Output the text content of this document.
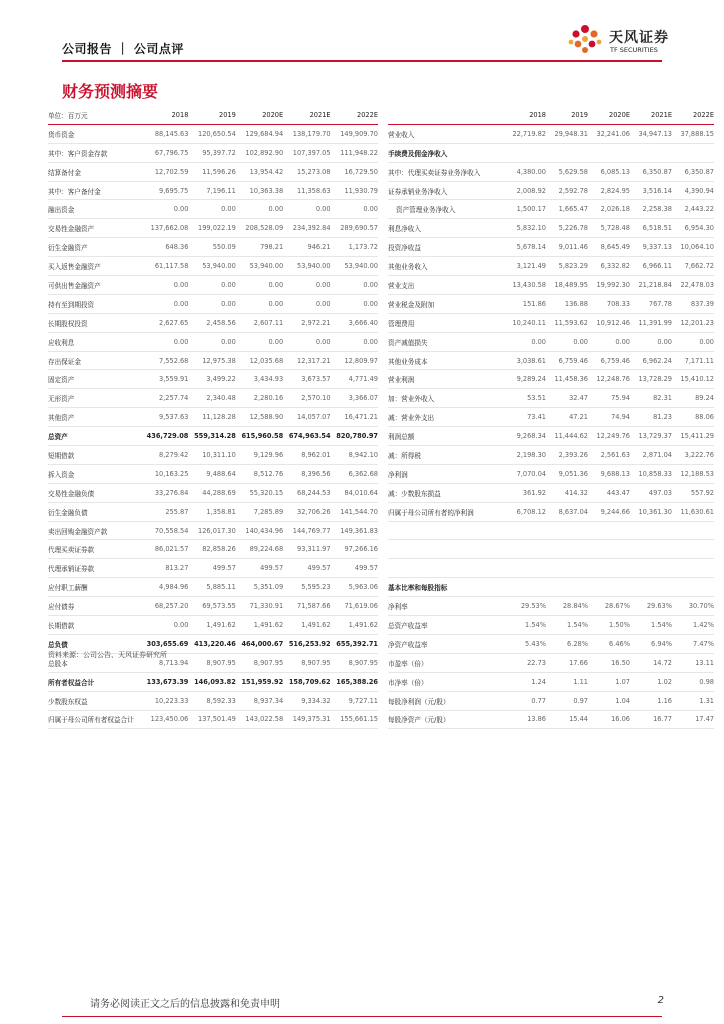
公司报告 ｜ 公司点评
天风证券
TF SECURITIES
财务预测摘要
单位：百万元	2018	2019	2020E	2021E	2022E
货币资金	88,145.63	120,650.54	129,684.94	138,179.70	149,909.70
其中：客户资金存款	67,796.75	95,397.72	102,892.90	107,397.05	111,948.22
结算备付金	12,702.59	11,596.26	13,954.42	15,273.08	16,729.50
其中：客户备付金	9,695.75	7,196.11	10,363.38	11,358.63	11,930.79
融出资金	0.00	0.00	0.00	0.00	0.00
交易性金融资产	137,662.08	199,022.19	208,528.09	234,392.84	289,690.57
衍生金融资产	648.36	550.09	798.21	946.21	1,173.72
买入返售金融资产	61,117.58	53,940.00	53,940.00	53,940.00	53,940.00
可供出售金融资产	0.00	0.00	0.00	0.00	0.00
持有至到期投资	0.00	0.00	0.00	0.00	0.00
长期股权投资	2,627.65	2,458.56	2,607.11	2,972.21	3,666.40
应收利息	0.00	0.00	0.00	0.00	0.00
存出保证金	7,552.68	12,975.38	12,035.68	12,317.21	12,809.97
固定资产	3,559.91	3,499.22	3,434.93	3,673.57	4,771.49
无形资产	2,257.74	2,340.48	2,280.16	2,570.10	3,366.07
其他资产	9,537.63	11,128.28	12,588.90	14,057.07	16,471.21
总资产	436,729.08	559,314.28	615,960.58	674,963.54	820,780.97
短期借款	8,279.42	10,311.10	9,129.96	8,962.01	8,942.10
拆入资金	10,163.25	9,488.64	8,512.76	8,396.56	6,362.68
交易性金融负债	33,276.84	44,288.69	55,320.15	68,244.53	84,010.64
衍生金融负债	255.87	1,358.81	7,285.89	32,706.26	141,544.70
卖出回购金融资产款	70,558.54	126,017.30	140,434.96	144,769.77	149,361.83
代理买卖证券款	86,021.57	82,858.26	89,224.68	93,311.97	97,266.16
代理承销证券款	813.27	499.57	499.57	499.57	499.57
应付职工薪酬	4,984.96	5,885.11	5,351.09	5,595.23	5,963.06
应付债券	68,257.20	69,573.55	71,330.91	71,587.66	71,619.06
长期借款	0.00	1,491.62	1,491.62	1,491.62	1,491.62
总负债	303,655.69	413,220.46	464,000.67	516,253.92	655,392.71
总股本	8,713.94	8,907.95	8,907.95	8,907.95	8,907.95
所有者权益合计	133,673.39	146,093.82	151,959.92	158,709.62	165,388.26
少数股东权益	10,223.33	8,592.33	8,937.34	9,334.32	9,727.11
归属于母公司所有者权益合计	123,450.06	137,501.49	143,022.58	149,375.31	155,661.15
	2018	2019	2020E	2021E	2022E
营业收入	22,719.82	29,948.31	32,241.06	34,947.13	37,888.15
手续费及佣金净收入					
其中：代理买卖证券业务净收入	4,380.00	5,629.58	6,085.13	6,350.87	6,350.87
证券承销业务净收入	2,008.92	2,592.78	2,824.95	3,516.14	4,390.94
资产管理业务净收入	1,500.17	1,665.47	2,026.18	2,258.38	2,443.22
利息净收入	5,832.10	5,226.78	5,728.48	6,518.51	6,954.30
投资净收益	5,678.14	9,011.46	8,645.49	9,337.13	10,064.10
其他业务收入	3,121.49	5,823.29	6,332.82	6,966.11	7,662.72
营业支出	13,430.58	18,489.95	19,992.30	21,218.84	22,478.03
营业税金及附加	151.86	136.88	708.33	767.78	837.39
管理费用	10,240.11	11,593.62	10,912.46	11,391.99	12,201.23
资产减值损失	0.00	0.00	0.00	0.00	0.00
其他业务成本	3,038.61	6,759.46	6,759.46	6,962.24	7,171.11
营业利润	9,289.24	11,458.36	12,248.76	13,728.29	15,410.12
加：营业外收入	53.51	32.47	75.94	82.31	89.24
减：营业外支出	73.41	47.21	74.94	81.23	88.06
利润总额	9,268.34	11,444.62	12,249.76	13,729.37	15,411.29
减：所得税	2,198.30	2,393.26	2,561.63	2,871.04	3,222.76
净利润	7,070.04	9,051.36	9,688.13	10,858.33	12,188.53
减：少数股东损益	361.92	414.32	443.47	497.03	557.92
归属于母公司所有者的净利润	6,708.12	8,637.04	9,244.66	10,361.30	11,630.61

基本比率和每股指标					
净利率	29.53%	28.84%	28.67%	29.63%	30.70%
总资产收益率	1.54%	1.54%	1.50%	1.54%	1.42%
净资产收益率	5.43%	6.28%	6.46%	6.94%	7.47%
市盈率（倍）	22.73	17.66	16.50	14.72	13.11
市净率（倍）	1.24	1.11	1.07	1.02	0.98
每股净利润（元/股）	0.77	0.97	1.04	1.16	1.31
每股净资产（元/股）	13.86	15.44	16.06	16.77	17.47
资料来源：公司公告、天风证券研究所
请务必阅读正文之后的信息披露和免责申明	2
